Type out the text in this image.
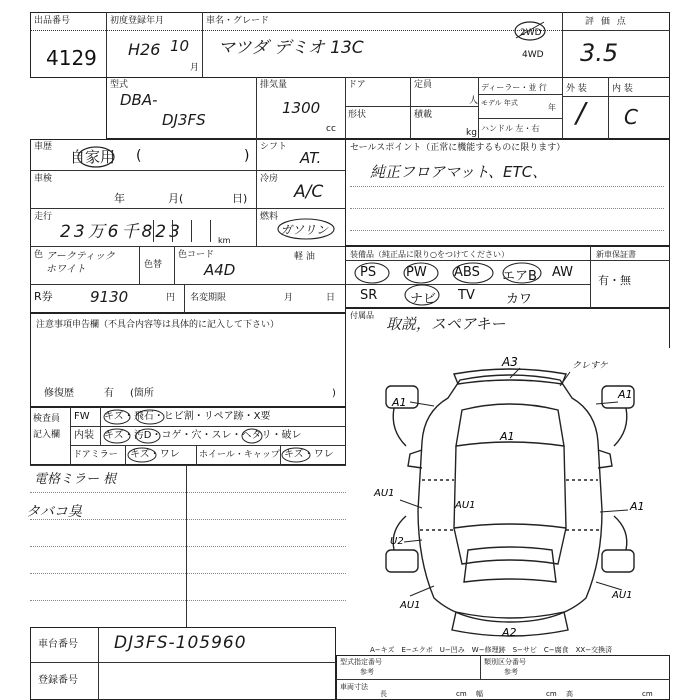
出品番号
4129
初度登録年月
H26 10
月
車名・グレード
マツダ デミオ 13C
2WD
4WD
評 価 点
3.5
型式
DBA-
DJ3FS
排気量
1300
cc
ドア
形状
定員
人
積載
kg
ディーラー・並 行
モデル 年式	年
ハンドル 左・右
外 装	内 装
/ C
車歴
自家用 (	)
車検
年	月(	日)
走行
23万6千823	km
色 アークティック ホワイト	色替
色コード
A4D
シフト
AT.
冷房
A/C
燃料
ガソリン
軽 油
R券 9130	円 名変期限	月	日
セールスポイント（正常に機能するものに限ります）
純正フロアマット、ETC、
装備品（純正品に限り○をつけてください）	新車保証書
有・無
PS PW ABS エアB AW
SR	ナビ TV カワ
付属品 取説，スペアキー
注意事項申告欄（不具合内容等は具体的に記入して下さい）
修復歴	有 (箇所	)
検査員
記入欄
FW キズ・飛石・ヒビ割・リペア跡・X要
内装 キズ・汚D・コゲ・穴・スレ・ヘタリ・破レ
ドアミラー キズ・ワレ ホイール・キャップ キズ・ワレ
電格ミラー 根
タバコ臭
A3	クレすケ
A1
A1
A1
AU1
A1
U2
AU1
AU1
A2
AU1
A−キズ　E−エクボ　U−凹み　W−修理跡　S−サビ　C−腐食　XX−交換済
車台番号 DJ3FS-105960
登録番号
型式指定番号
参考
類別区分番号
参考
車両寸法
長	cm 幅	cm 高	cm
